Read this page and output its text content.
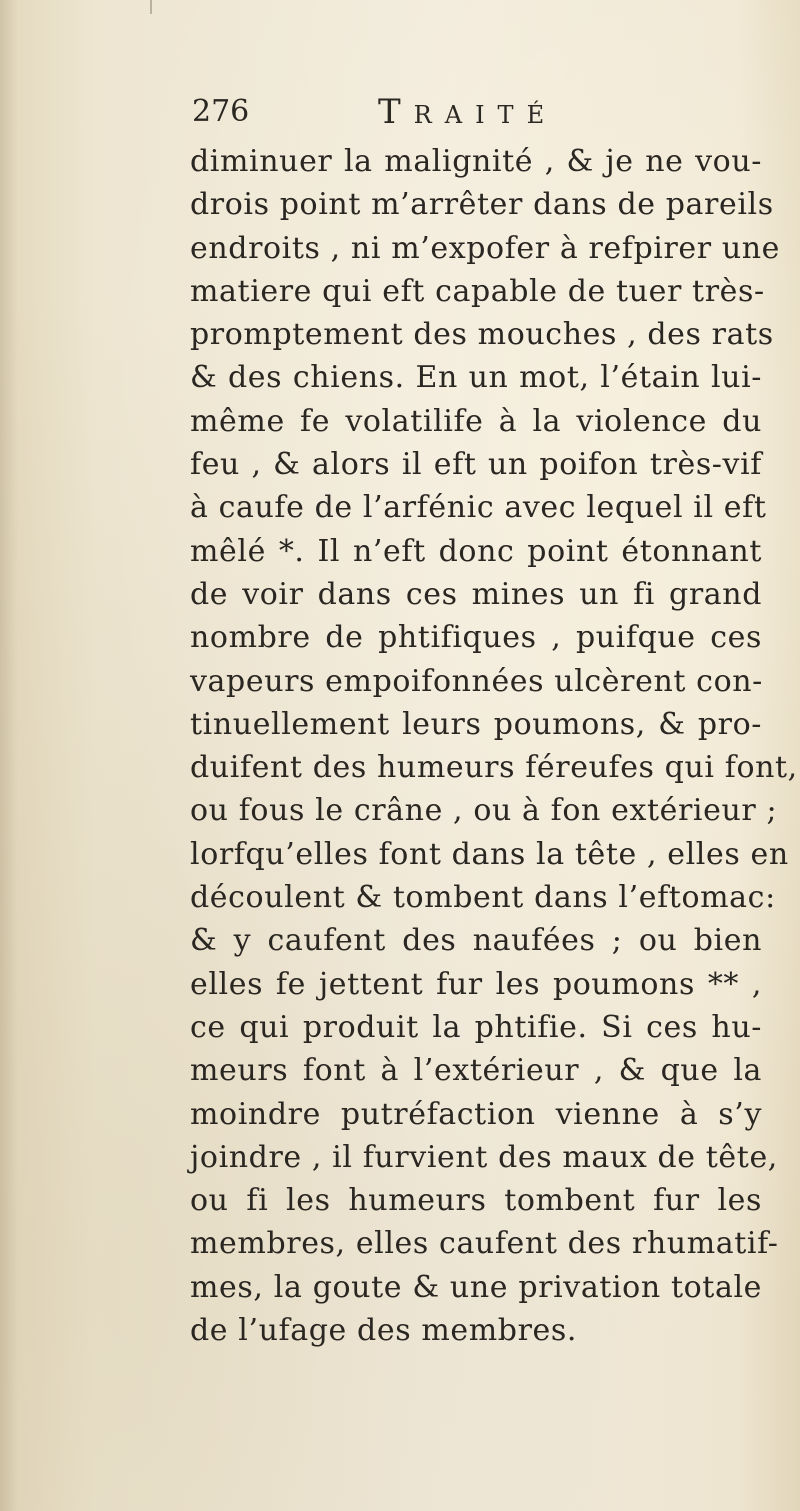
276	Traité
diminuer la malignité , & je ne vou-
drois point m’arrêter dans de pareils
endroits , ni m’expofer à refpirer une
matiere qui eft capable de tuer très-
promptement des mouches , des rats
& des chiens. En un mot, l’étain lui-
même fe volatilife à la violence du
feu , & alors il eft un poifon très-vif
à caufe de l’arfénic avec lequel il eft
mêlé *. Il n’eft donc point étonnant
de voir dans ces mines un fi grand
nombre de phtifiques , puifque ces
vapeurs empoifonnées ulcèrent con-
tinuellement leurs poumons, & pro-
duifent des humeurs féreufes qui font,
ou fous le crâne , ou à fon extérieur ;
lorfqu’elles font dans la tête , elles en
découlent & tombent dans l’eftomac:
& y caufent des naufées ; ou bien
elles fe jettent fur les poumons ** ,
ce qui produit la phtifie. Si ces hu-
meurs font à l’extérieur , & que la
moindre putréfaction vienne à s’y
joindre , il furvient des maux de tête,
ou fi les humeurs tombent fur les
membres, elles caufent des rhumatif-
mes, la goute & une privation totale
de l’ufage des membres.
